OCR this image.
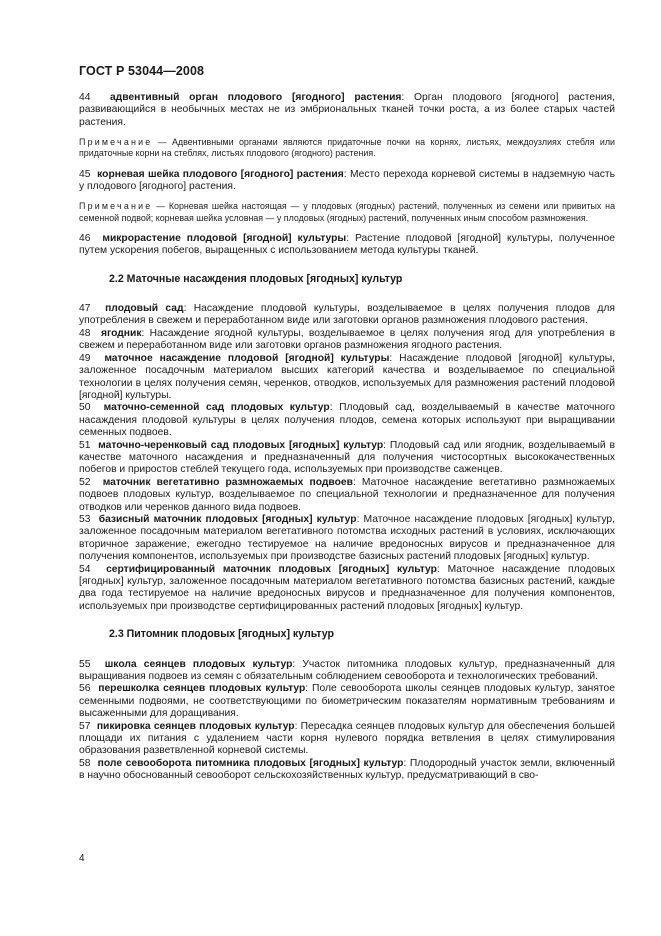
ГОСТ Р 53044—2008

44 адвентивный орган плодового [ягодного] растения: Орган плодового [ягодного] растения, развивающийся в необычных местах не из эмбриональных тканей точки роста, а из более старых частей растения.

Примечание — Адвентивными органами являются придаточные почки на корнях, листьях, междоузлиях стебля или придаточные корни на стеблях, листьях плодового (ягодного) растения.

45 корневая шейка плодового [ягодного] растения: Место перехода корневой системы в надземную часть у плодового [ягодного] растения.

Примечание — Корневая шейка настоящая — у плодовых (ягодных) растений, полученных из семени или привитых на семенной подвой; корневая шейка условная — у плодовых (ягодных) растений, полученных иным способом размножения.

46 микрорастение плодовой [ягодной] культуры: Растение плодовой [ягодной] культуры, полученное путем ускорения побегов, выращенных с использованием метода культуры тканей.

2.2 Маточные насаждения плодовых [ягодных] культур

47 плодовый сад: Насаждение плодовой культуры, возделываемое в целях получения плодов для употребления в свежем и переработанном виде или заготовки органов размножения плодового растения.

48 ягодник: Насаждение ягодной культуры, возделываемое в целях получения ягод для употребления в свежем и переработанном виде или заготовки органов размножения ягодного растения.

49 маточное насаждение плодовой [ягодной] культуры: Насаждение плодовой [ягодной] культуры, заложенное посадочным материалом высших категорий качества и возделываемое по специальной технологии в целях получения семян, черенков, отводков, используемых для размножения растений плодовой [ягодной] культуры.

50 маточно-семенной сад плодовых культур: Плодовый сад, возделываемый в качестве маточного насаждения плодовой культуры в целях получения плодов, семена которых используют при выращивании семенных подвоев.

51 маточно-черенковый сад плодовых [ягодных] культур: Плодовый сад или ягодник, возделываемый в качестве маточного насаждения и предназначенный для получения чистосортных высококачественных побегов и приростов стеблей текущего года, используемых при производстве саженцев.

52 маточник вегетативно размножаемых подвоев: Маточное насаждение вегетативно размножаемых подвоев плодовых культур, возделываемое по специальной технологии и предназначенное для получения отводков или черенков данного вида подвоев.

53 базисный маточник плодовых [ягодных] культур: Маточное насаждение плодовых [ягодных] культур, заложенное посадочным материалом вегетативного потомства исходных растений в условиях, исключающих вторичное заражение, ежегодно тестируемое на наличие вредоносных вирусов и предназначенное для получения компонентов, используемых при производстве базисных растений плодовых [ягодных] культур.

54 сертифицированный маточник плодовых [ягодных] культур: Маточное насаждение плодовых [ягодных] культур, заложенное посадочным материалом вегетативного потомства базисных растений, каждые два года тестируемое на наличие вредоносных вирусов и предназначенное для получения компонентов, используемых при производстве сертифицированных растений плодовых [ягодных] культур.

2.3 Питомник плодовых [ягодных] культур

55 школа сеянцев плодовых культур: Участок питомника плодовых культур, предназначенный для выращивания подвоев из семян с обязательным соблюдением севооборота и технологических требований.

56 перешколка сеянцев плодовых культур: Поле севооборота школы сеянцев плодовых культур, занятое семенными подвоями, не соответствующими по биометрическим показателям нормативным требованиям и высаженными для доращивания.

57 пикировка сеянцев плодовых культур: Пересадка сеянцев плодовых культур для обеспечения большей площади их питания с удалением части корня нулевого порядка ветвления в целях стимулирования образования разветвленной корневой системы.

58 поле севооборота питомника плодовых [ягодных] культур: Плодородный участок земли, включенный в научно обоснованный севооборот сельскохозяйственных культур, предусматривающий в сво-

4
